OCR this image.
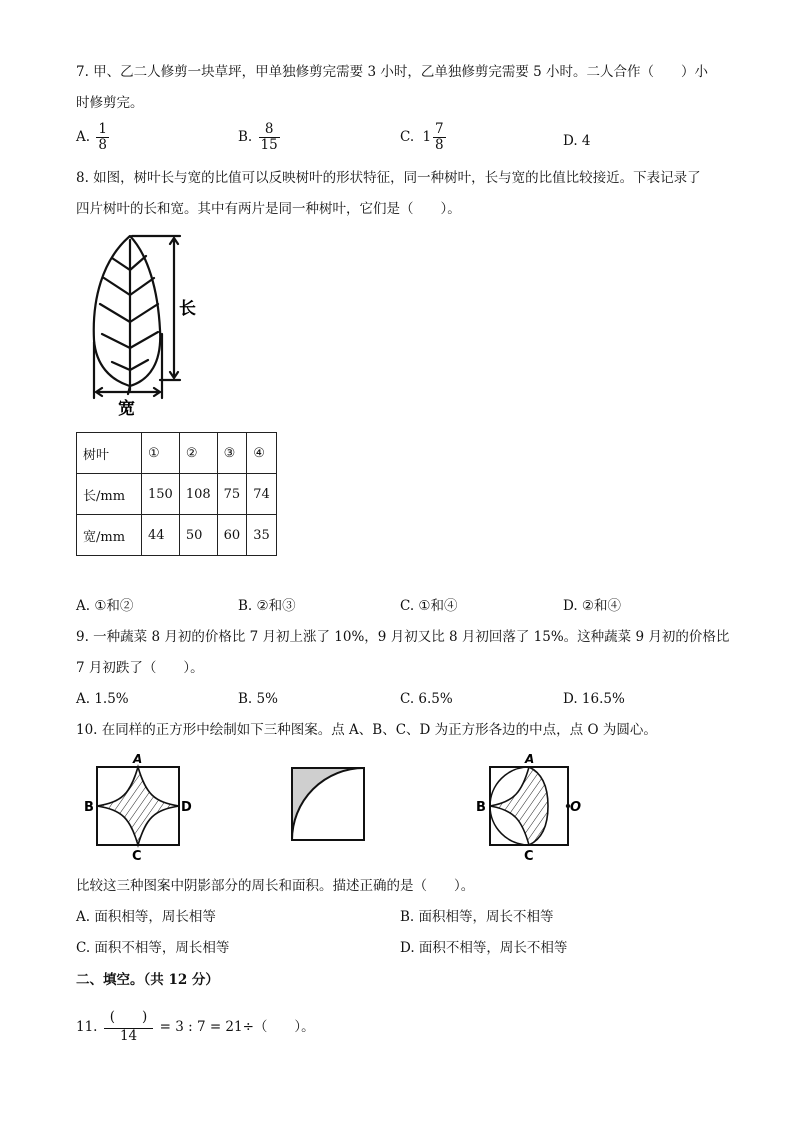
7. 甲、乙二人修剪一块草坪，甲单独修剪完需要 3 小时，乙单独修剪完需要 5 小时。二人合作（　　）小
时修剪完。
A. $\frac{1}{8}$	B. $\frac{8}{15}$	C. $1 \frac{7}{8}$	D. 4
8. 如图，树叶长与宽的比值可以反映树叶的形状特征，同一种树叶，长与宽的比值比较接近。下表记录了
四片树叶的长和宽。其中有两片是同一种树叶，它们是（　　）。
长
宽
树叶	①	②	③	④
长/mm	150	108	75	74
宽/mm	44	50	60	35
A. ①和②	B. ②和③	C. ①和④	D. ②和④
9. 一种蔬菜 8 月初的价格比 7 月初上涨了 10%，9 月初又比 8 月初回落了 15%。这种蔬菜 9 月初的价格比
7 月初跌了（　　）。
A. 1.5%	B. 5%	C. 6.5%	D. 16.5%
10. 在同样的正方形中绘制如下三种图案。点 A、B、C、D 为正方形各边的中点，点 O 为圆心。
A
B	D
C
A
B	O
C
比较这三种图案中阴影部分的周长和面积。描述正确的是（　　）。
A. 面积相等，周长相等	B. 面积相等，周长不相等
C. 面积不相等，周长相等	D. 面积不相等，周长不相等
二、填空。（共 12 分）
11. $\frac{( )}{14} = 3$ : 7 = 21÷（　　）。
